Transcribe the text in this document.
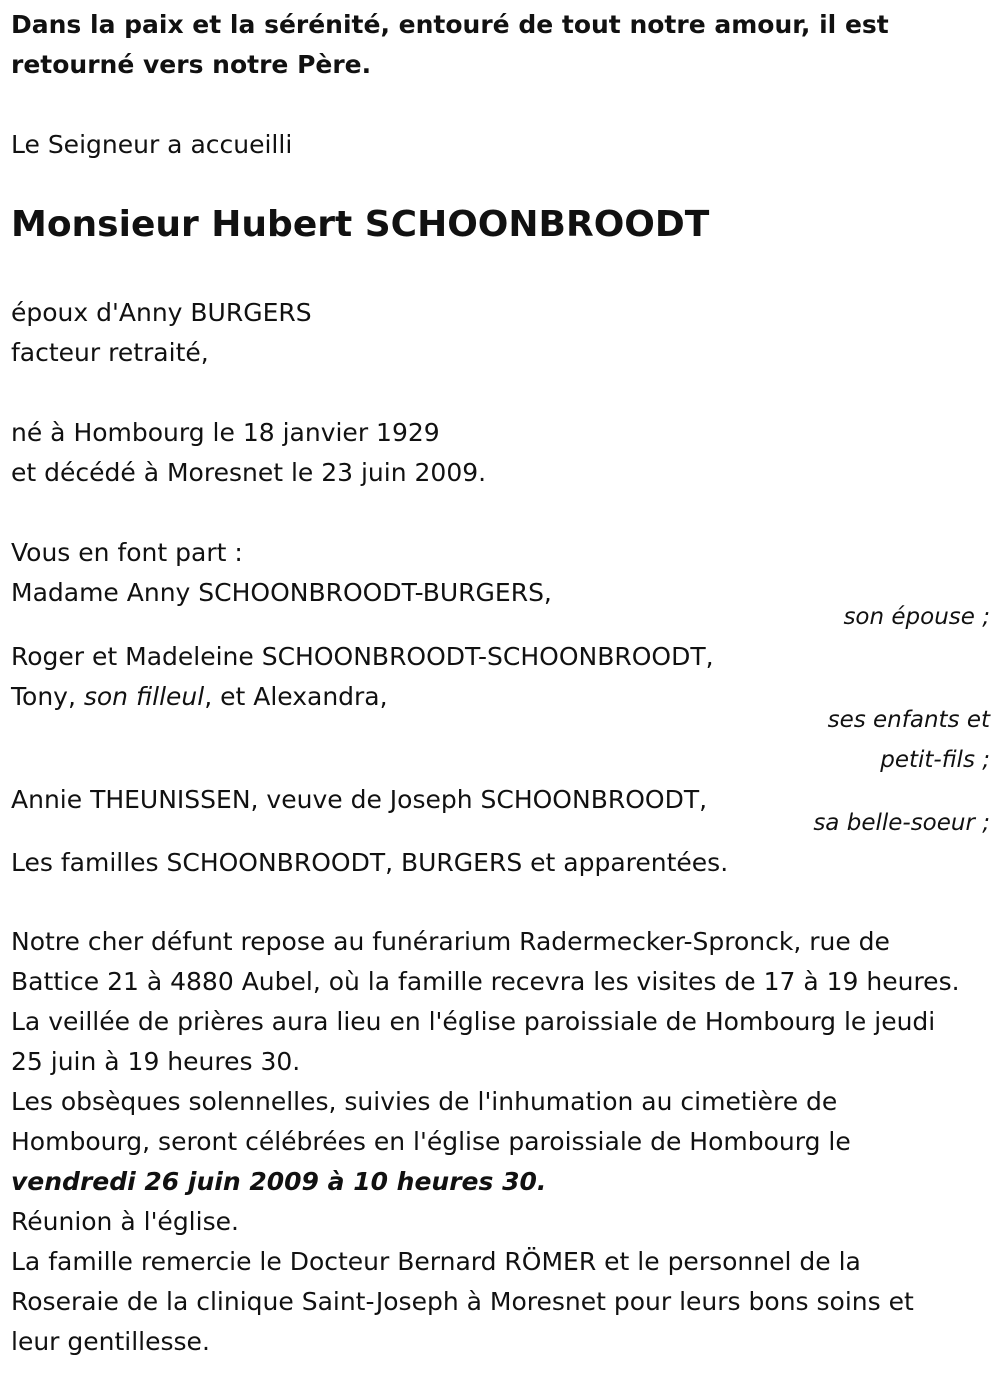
Dans la paix et la sérénité, entouré de tout notre amour, il est
retourné vers notre Père.
Le Seigneur a accueilli
Monsieur Hubert SCHOONBROODT
époux d'Anny BURGERS
facteur retraité,
né à Hombourg le 18 janvier 1929
et décédé à Moresnet le 23 juin 2009.
Vous en font part :
Madame Anny SCHOONBROODT-BURGERS,
son épouse ;
Roger et Madeleine SCHOONBROODT-SCHOONBROODT,
Tony, son filleul, et Alexandra,
ses enfants et
petit-fils ;
Annie THEUNISSEN, veuve de Joseph SCHOONBROODT,
sa belle-soeur ;
Les familles SCHOONBROODT, BURGERS et apparentées.
Notre cher défunt repose au funérarium Radermecker-Spronck, rue de
Battice 21 à 4880 Aubel, où la famille recevra les visites de 17 à 19 heures.
La veillée de prières aura lieu en l'église paroissiale de Hombourg le jeudi
25 juin à 19 heures 30.
Les obsèques solennelles, suivies de l'inhumation au cimetière de
Hombourg, seront célébrées en l'église paroissiale de Hombourg le
vendredi 26 juin 2009 à 10 heures 30.
Réunion à l'église.
La famille remercie le Docteur Bernard RÖMER et le personnel de la
Roseraie de la clinique Saint-Joseph à Moresnet pour leurs bons soins et
leur gentillesse.
